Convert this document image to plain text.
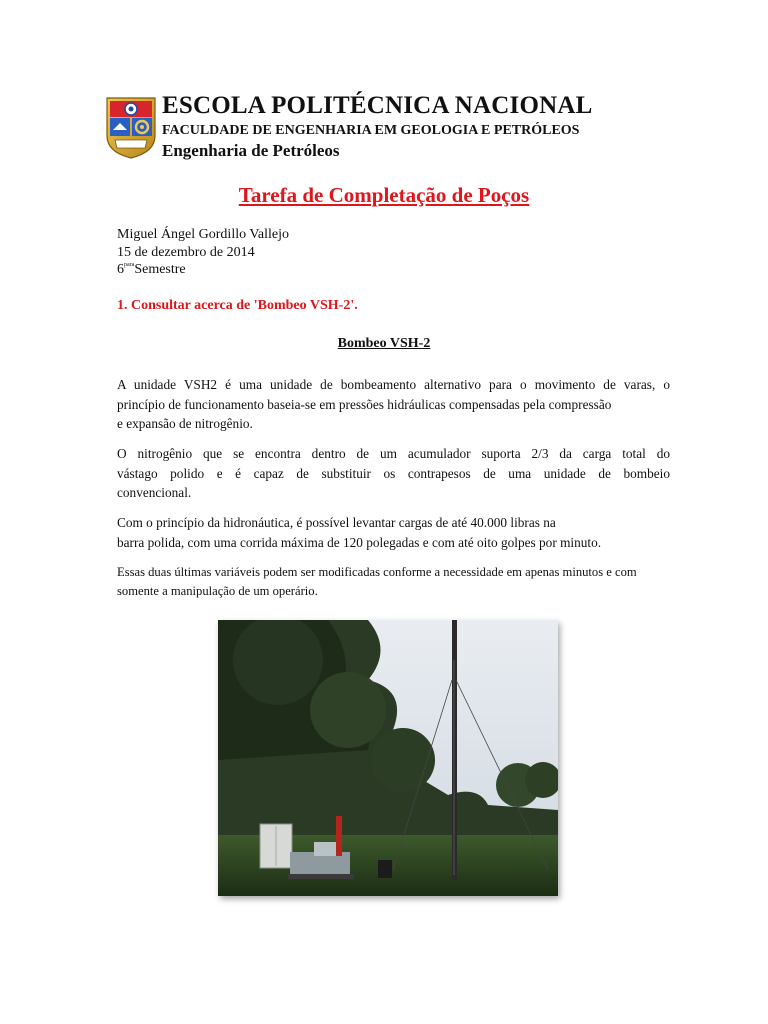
ESCOLA POLITÉCNICA NACIONAL
FACULDADE DE ENGENHARIA EM GEOLOGIA E PETRÓLEOS
Engenharia de Petróleos
Tarefa de Completação de Poços
Miguel Ángel Gordillo Vallejo
15 de dezembro de 2014
$6^{para}Semestre$
1. Consultar acerca de 'Bombeo VSH-2'.
Bombeo VSH-2
A unidade VSH2 é uma unidade de bombeamento alternativo para o movimento de varas, o
princípio de funcionamento baseia-se em pressões hidráulicas compensadas pela compressão
e expansão de nitrogênio.
O nitrogênio que se encontra dentro de um acumulador suporta 2/3 da carga total do
vástago polido e é capaz de substituir os contrapesos de uma unidade de bombeio
convencional.
Com o princípio da hidronáutica, é possível levantar cargas de até 40.000 libras na
barra polida, com uma corrida máxima de 120 polegadas e com até oito golpes por minuto.
Essas duas últimas variáveis podem ser modificadas conforme a necessidade em apenas minutos e com
somente a manipulação de um operário.
